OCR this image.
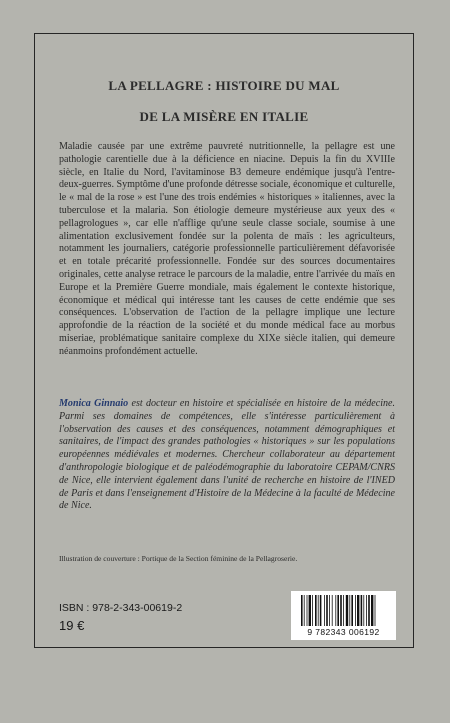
LA PELLAGRE : HISTOIRE DU MAL
DE LA MISÈRE EN ITALIE

Maladie causée par une extrême pauvreté nutritionnelle, la pellagre est une pathologie carentielle due à la déficience en niacine. Depuis la fin du XVIIIe siècle, en Italie du Nord, l'avitaminose B3 demeure endémique jusqu'à l'entre-deux-guerres. Symptôme d'une profonde détresse sociale, économique et culturelle, le « mal de la rose » est l'une des trois endémies « historiques » italiennes, avec la tuberculose et la malaria. Son étiologie demeure mystérieuse aux yeux des « pellagrologues », car elle n'afflige qu'une seule classe sociale, soumise à une alimentation exclusivement fondée sur la polenta de maïs : les agriculteurs, notamment les journaliers, catégorie professionnelle particulièrement défavorisée et en totale précarité professionnelle. Fondée sur des sources documentaires originales, cette analyse retrace le parcours de la maladie, entre l'arrivée du maïs en Europe et la Première Guerre mondiale, mais également le contexte historique, économique et médical qui intéresse tant les causes de cette endémie que ses conséquences. L'observation de l'action de la pellagre implique une lecture approfondie de la réaction de la société et du monde médical face au morbus miseriae, problématique sanitaire complexe du XIXe siècle italien, qui demeure néanmoins profondément actuelle.

Monica Ginnaio est docteur en histoire et spécialisée en histoire de la médecine. Parmi ses domaines de compétences, elle s'intéresse particulièrement à l'observation des causes et des conséquences, notamment démographiques et sanitaires, de l'impact des grandes pathologies « historiques » sur les populations européennes médiévales et modernes. Chercheur collaborateur au département d'anthropologie biologique et de paléodémographie du laboratoire CEPAM/CNRS de Nice, elle intervient également dans l'unité de recherche en histoire de l'INED de Paris et dans l'enseignement d'Histoire de la Médecine à la faculté de Médecine de Nice.

Illustration de couverture : Portique de la Section féminine de la Pellagroserie.

ISBN : 978-2-343-00619-2

19 €	9 782343 006192
